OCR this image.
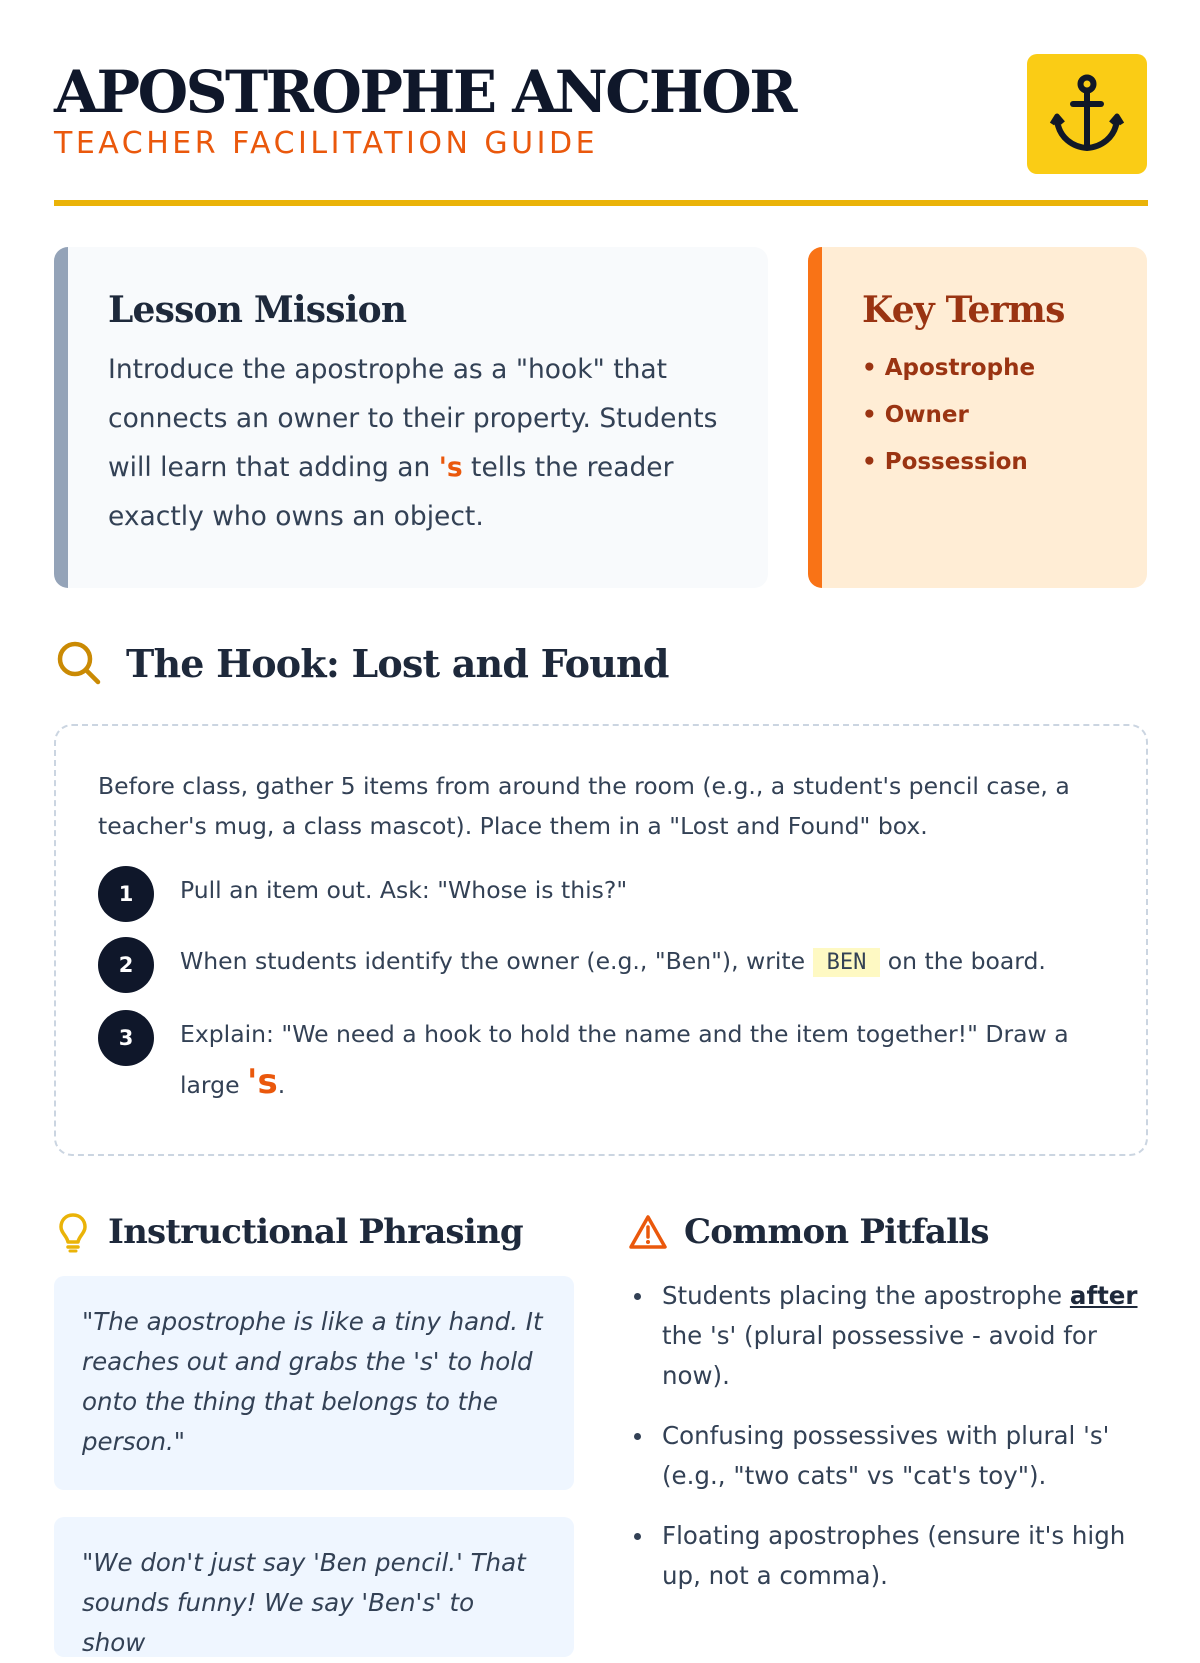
APOSTROPHE ANCHOR
TEACHER FACILITATION GUIDE
Lesson Mission

Introduce the apostrophe as a "hook" that connects an owner to their property. Students will learn that adding an 's tells the reader exactly who owns an object.

Key Terms
• Apostrophe
• Owner
• Possession
The Hook: Lost and Found

Before class, gather 5 items from around the room (e.g., a student's pencil case, a teacher's mug, a class mascot). Place them in a "Lost and Found" box.

1	Pull an item out. Ask: "Whose is this?"
2	When students identify the owner (e.g., "Ben"), write BEN on the board.
3	Explain: "We need a hook to hold the name and the item together!" Draw a large 's.
Instructional Phrasing
"The apostrophe is like a tiny hand. It reaches out and grabs the 's' to hold onto the thing that belongs to the person."
"We don't just say 'Ben pencil.' That sounds funny! We say 'Ben's' to show
Common Pitfalls
Students placing the apostrophe after the 's' (plural possessive - avoid for now).
Confusing possessives with plural 's' (e.g., "two cats" vs "cat's toy").
Floating apostrophes (ensure it's high up, not a comma).
